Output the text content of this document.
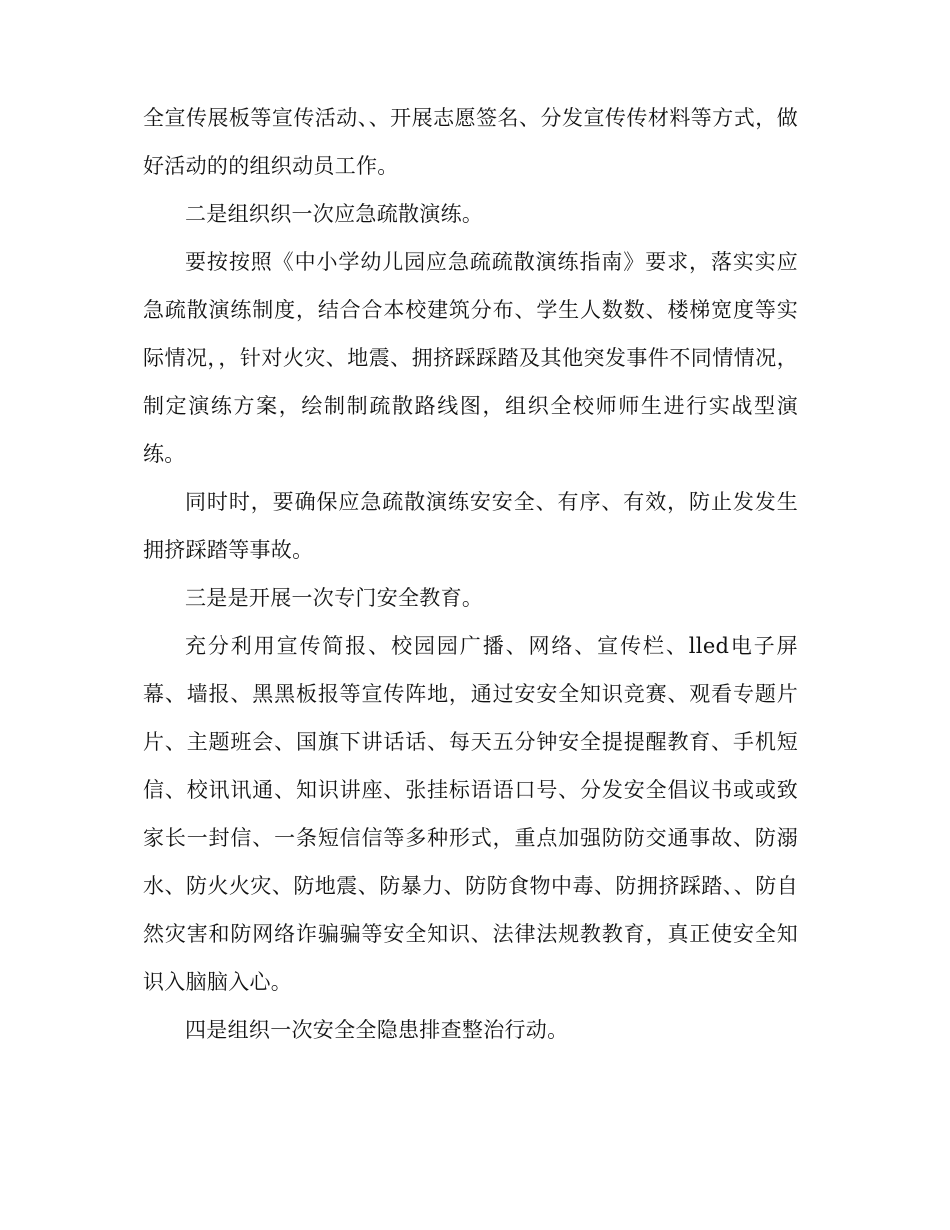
全宣传展板等宣传活动、、开展志愿签名、分发宣传传材料等方式，做好活动的的组织动员工作。

二是组织织一次应急疏散演练。

要按按照《中小学幼儿园应急疏疏散演练指南》要求，落实实应急疏散演练制度，结合合本校建筑分布、学生人数数、楼梯宽度等实际情况，，针对火灾、地震、拥挤踩踩踏及其他突发事件不同情情况，制定演练方案，绘制制疏散路线图，组织全校师师生进行实战型演练。

同时时，要确保应急疏散演练安安全、有序、有效，防止发发生拥挤踩踏等事故。

三是是开展一次专门安全教育。

充分利用宣传简报、校园园广播、网络、宣传栏、lled电子屏幕、墙报、黑黑板报等宣传阵地，通过安安全知识竞赛、观看专题片片、主题班会、国旗下讲话话、每天五分钟安全提提醒教育、手机短信、校讯讯通、知识讲座、张挂标语语口号、分发安全倡议书或或致家长一封信、一条短信信等多种形式，重点加强防防交通事故、防溺水、防火火灾、防地震、防暴力、防防食物中毒、防拥挤踩踏、、防自然灾害和防网络诈骗骗等安全知识、法律法规教教育，真正使安全知识入脑脑入心。

四是组织一次安全全隐患排查整治行动。
